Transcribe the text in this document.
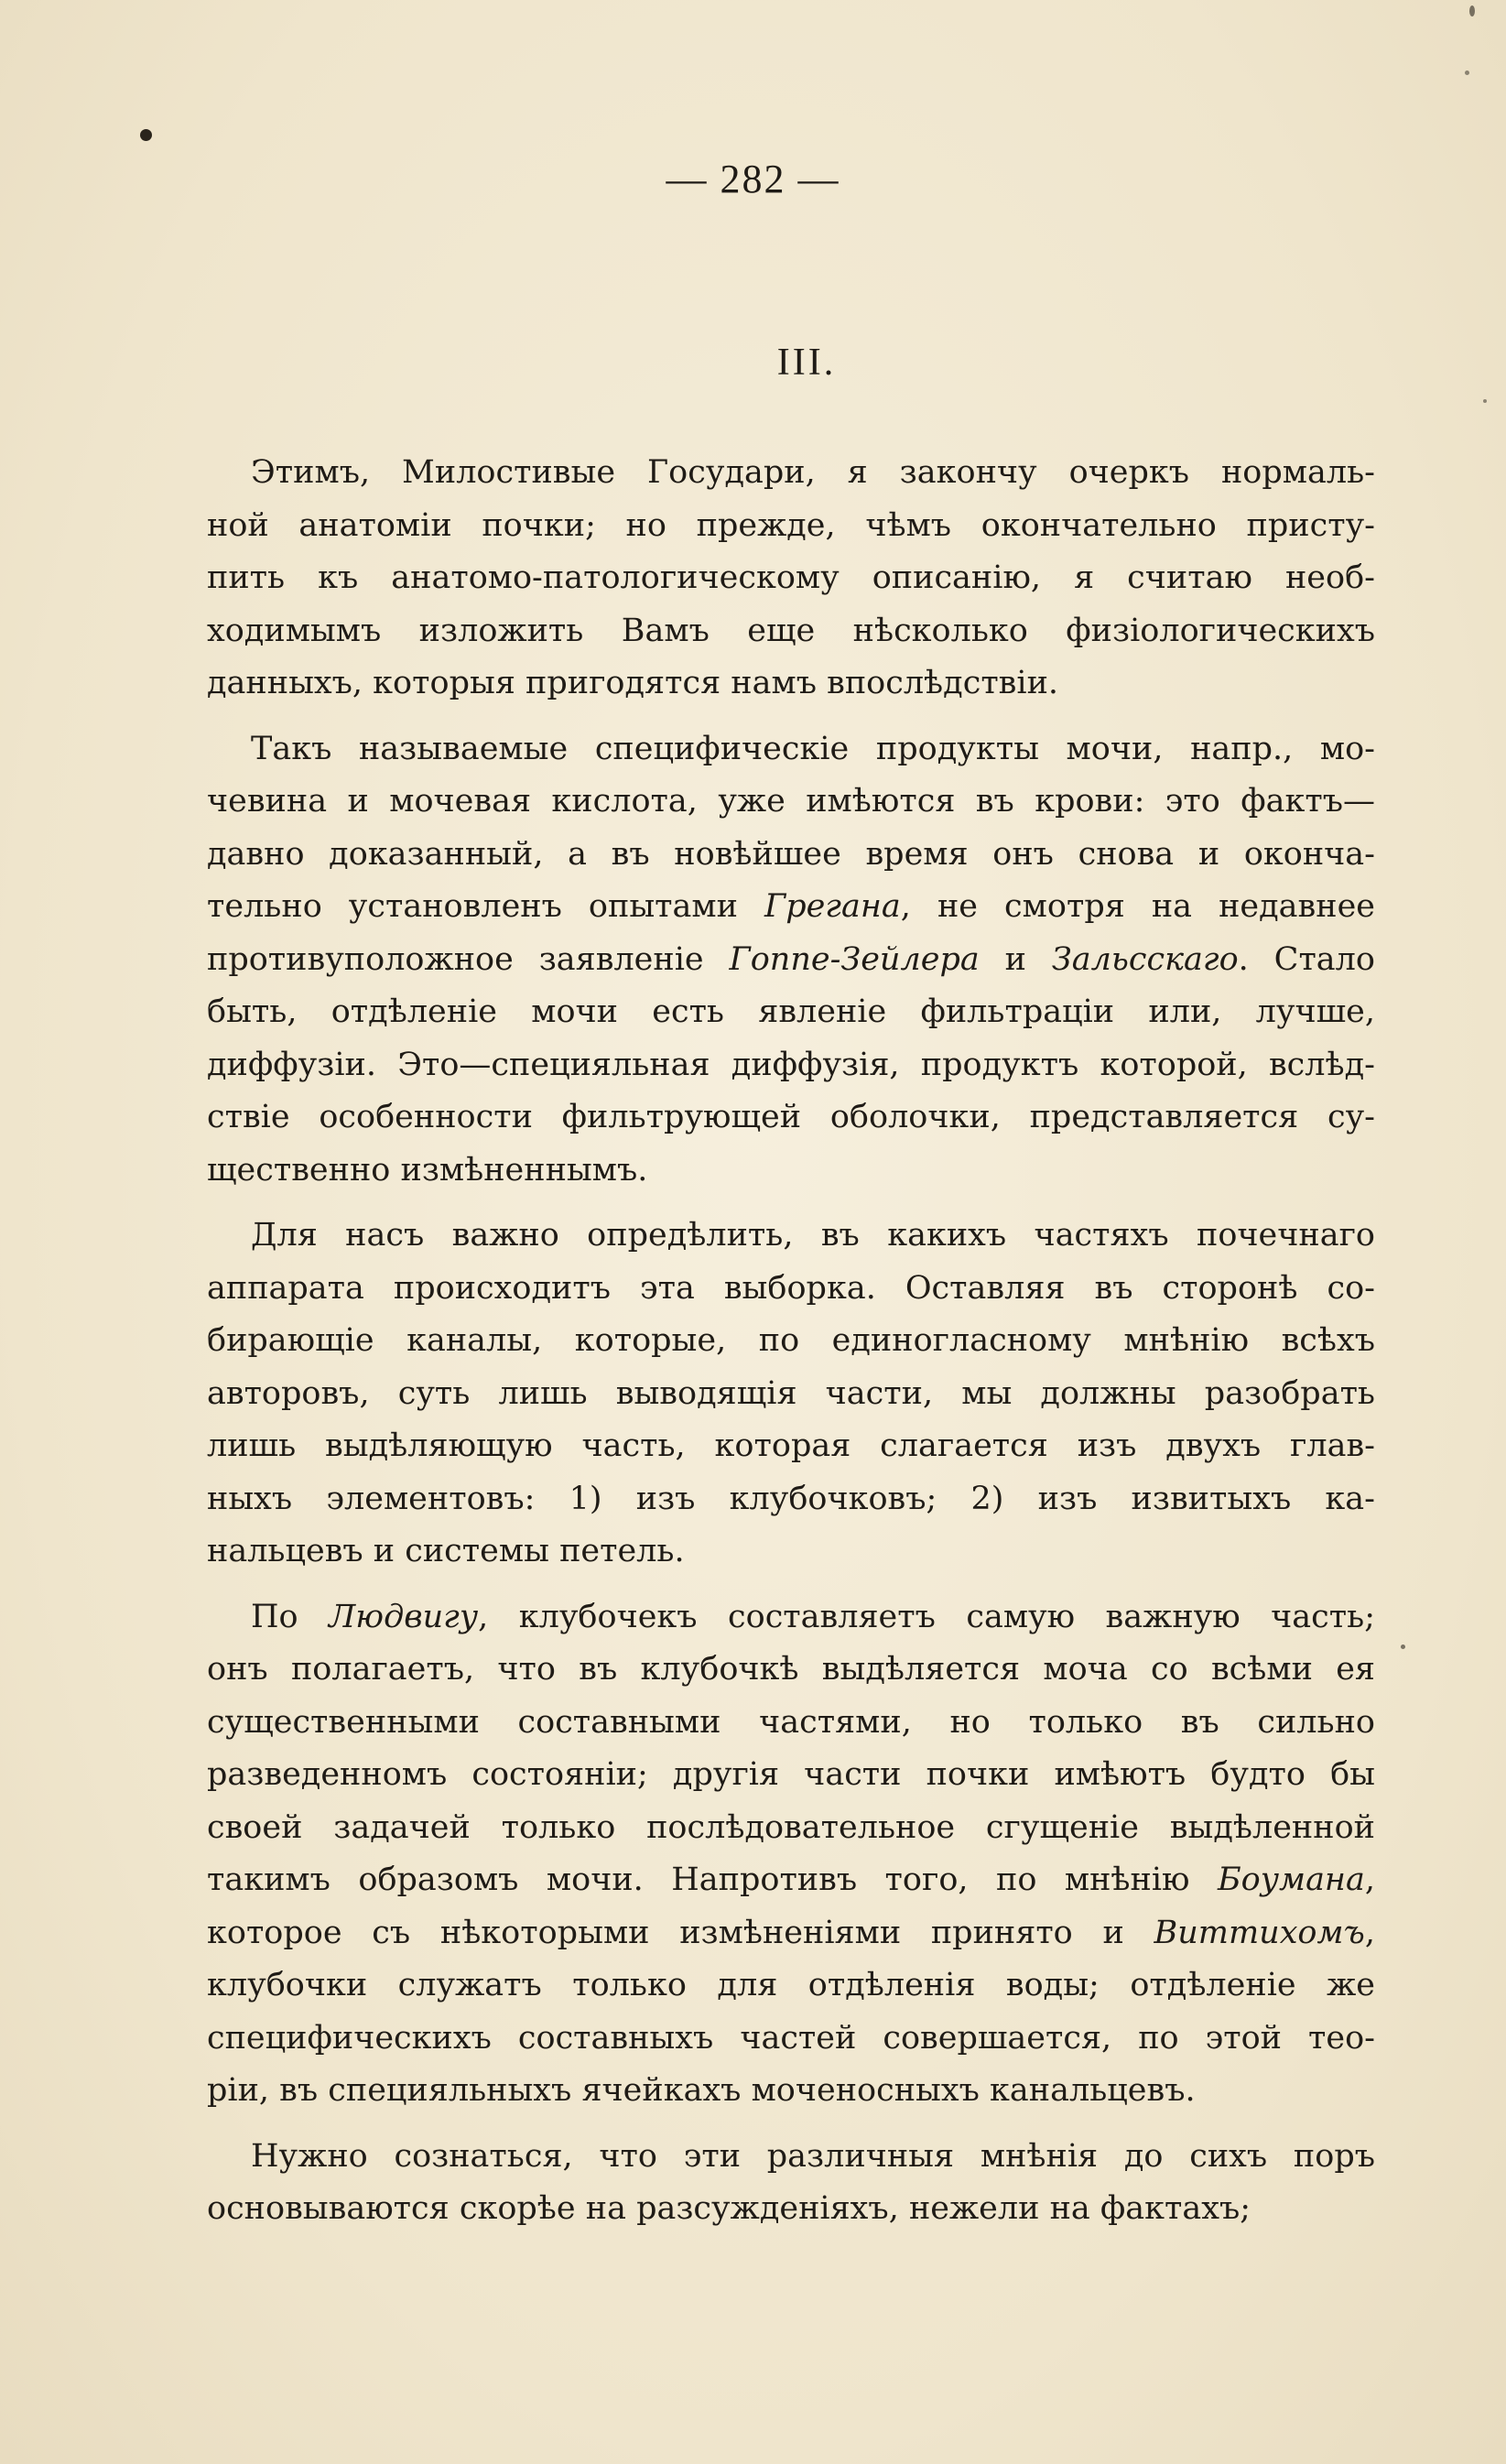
— 282 —
III.
Этимъ, Милостивые Государи, я закончу очеркъ нормаль-
ной анатоміи почки; но прежде, чѣмъ окончательно присту-
пить къ анатомо-патологическому описанію, я считаю необ-
ходимымъ изложить Вамъ еще нѣсколько физіологическихъ
данныхъ, которыя пригодятся намъ впослѣдствіи.
Такъ называемые специфическіе продукты мочи, напр., мо-
чевина и мочевая кислота, уже имѣются въ крови: это фактъ—
давно доказанный, а въ новѣйшее время онъ снова и оконча-
тельно установленъ опытами Грегана, не смотря на недавнее
противуположное заявленіе Гоппе-Зейлера и Зальсскаго. Стало
быть, отдѣленіе мочи есть явленіе фильтраціи или, лучше,
диффузіи. Это—специяльная диффузія, продуктъ которой, вслѣд-
ствіе особенности фильтрующей оболочки, представляется су-
щественно измѣненнымъ.
Для насъ важно опредѣлить, въ какихъ частяхъ почечнаго
аппарата происходитъ эта выборка. Оставляя въ сторонѣ со-
бирающіе каналы, которые, по единогласному мнѣнію всѣхъ
авторовъ, суть лишь выводящія части, мы должны разобрать
лишь выдѣляющую часть, которая слагается изъ двухъ глав-
ныхъ элементовъ: 1) изъ клубочковъ; 2) изъ извитыхъ ка-
нальцевъ и системы петель.
По Людвигу, клубочекъ составляетъ самую важную часть;
онъ полагаетъ, что въ клубочкѣ выдѣляется моча со всѣми ея
существенными составными частями, но только въ сильно
разведенномъ состояніи; другія части почки имѣютъ будто бы
своей задачей только послѣдовательное сгущеніе выдѣленной
такимъ образомъ мочи. Напротивъ того, по мнѣнію Боумана,
которое съ нѣкоторыми измѣненіями принято и Виттихомъ,
клубочки служатъ только для отдѣленія воды; отдѣленіе же
специфическихъ составныхъ частей совершается, по этой тео-
ріи, въ специяльныхъ ячейкахъ моченосныхъ канальцевъ.
Нужно сознаться, что эти различныя мнѣнія до сихъ поръ
основываются скорѣе на разсужденіяхъ, нежели на фактахъ;
